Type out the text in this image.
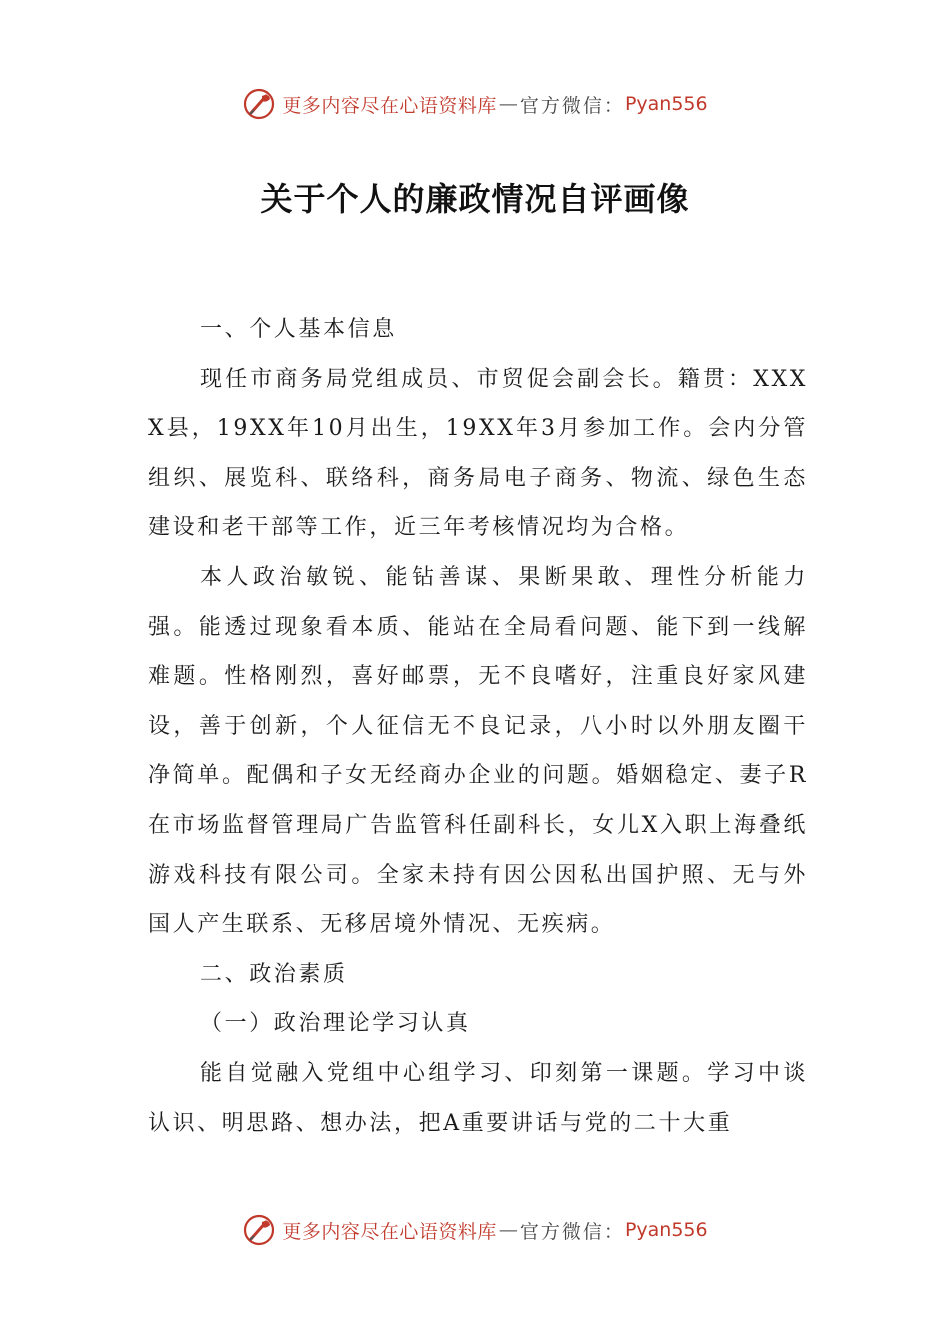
更多内容尽在心语资料库 — 官方微信： Pyan556
关于个人的廉政情况自评画像

一、个人基本信息

现任市商务局党组成员、市贸促会副会长。籍贯：XXXX县，19XX年10月出生，19XX年3月参加工作。会内分管组织、展览科、联络科，商务局电子商务、物流、绿色生态建设和老干部等工作，近三年考核情况均为合格。

本人政治敏锐、能钻善谋、果断果敢、理性分析能力强。能透过现象看本质、能站在全局看问题、能下到一线解难题。性格刚烈，喜好邮票，无不良嗜好，注重良好家风建设，善于创新，个人征信无不良记录，八小时以外朋友圈干净简单。配偶和子女无经商办企业的问题。婚姻稳定、妻子R在市场监督管理局广告监管科任副科长，女儿X入职上海叠纸游戏科技有限公司。全家未持有因公因私出国护照、无与外国人产生联系、无移居境外情况、无疾病。

二、政治素质

（一）政治理论学习认真

能自觉融入党组中心组学习、印刻第一课题。学习中谈认识、明思路、想办法，把A重要讲话与党的二十大重

更多内容尽在心语资料库 — 官方微信： Pyan556
